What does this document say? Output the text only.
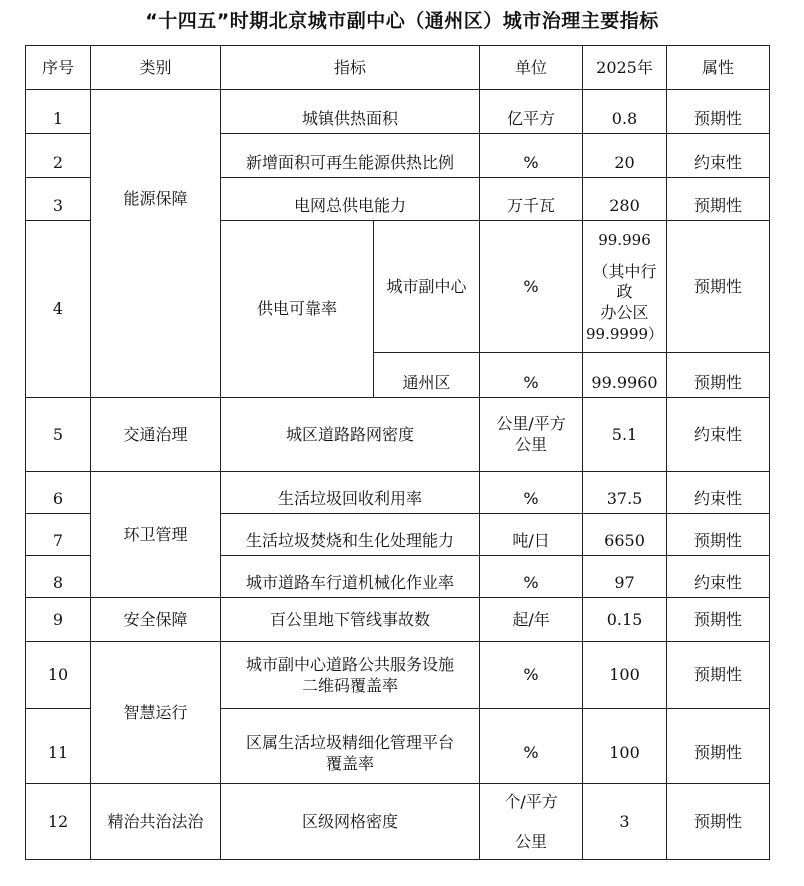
“十四五”时期北京城市副中心（通州区）城市治理主要指标
序号	类别	指标		单位	2025年	属性
1	能源保障	城镇供热面积		亿平方	0.8	预期性
2		新增面积可再生能源供热比例		%	20	约束性
3		电网总供电能力		万千瓦	280	预期性
4		供电可靠率	城市副中心	%	99.996
（其中行政
办公区
99.9999）	预期性
			通州区	%	99.9960	预期性
5	交通治理	城区道路路网密度		公里/平方
公里	5.1	约束性
6	环卫管理	生活垃圾回收利用率		%	37.5	约束性
7		生活垃圾焚烧和生化处理能力		吨/日	6650	预期性
8		城市道路车行道机械化作业率		%	97	约束性
9	安全保障	百公里地下管线事故数		起/年	0.15	预期性
10	智慧运行	城市副中心道路公共服务设施
二维码覆盖率		%	100	预期性
11		区属生活垃圾精细化管理平台
覆盖率		%	100	预期性
12	精治共治法治	区级网格密度		个/平方
公里	3	预期性
